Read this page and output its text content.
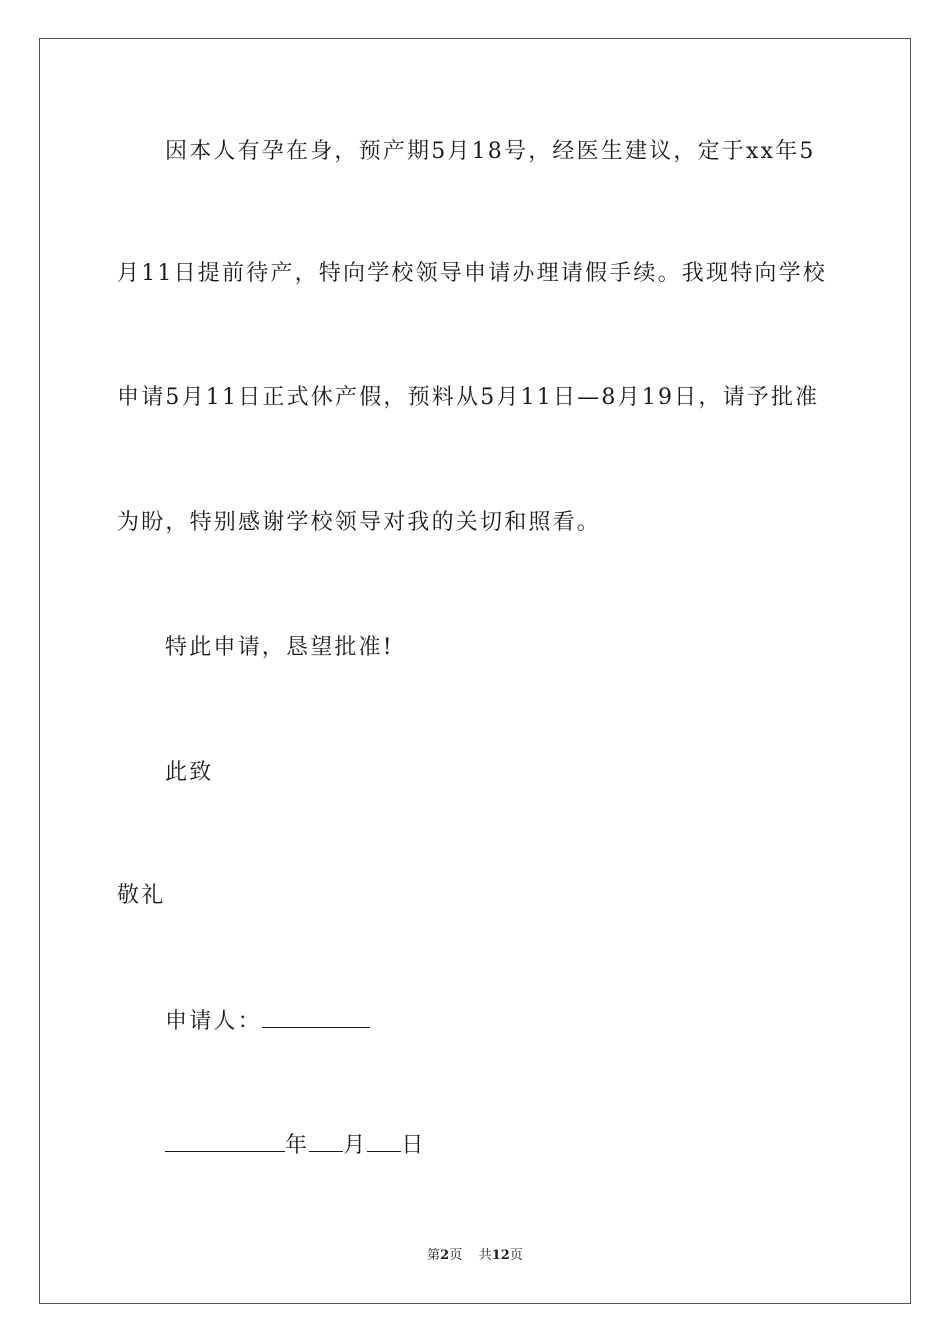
因本人有孕在身，预产期5月18号，经医生建议，定于xx年5
月11日提前待产，特向学校领导申请办理请假手续。我现特向学校
申请5月11日正式休产假，预料从5月11日—8月19日，请予批准
为盼，特别感谢学校领导对我的关切和照看。
特此申请，恳望批准!
此致
敬礼
申请人：
年 月 日
第2页 共12页
